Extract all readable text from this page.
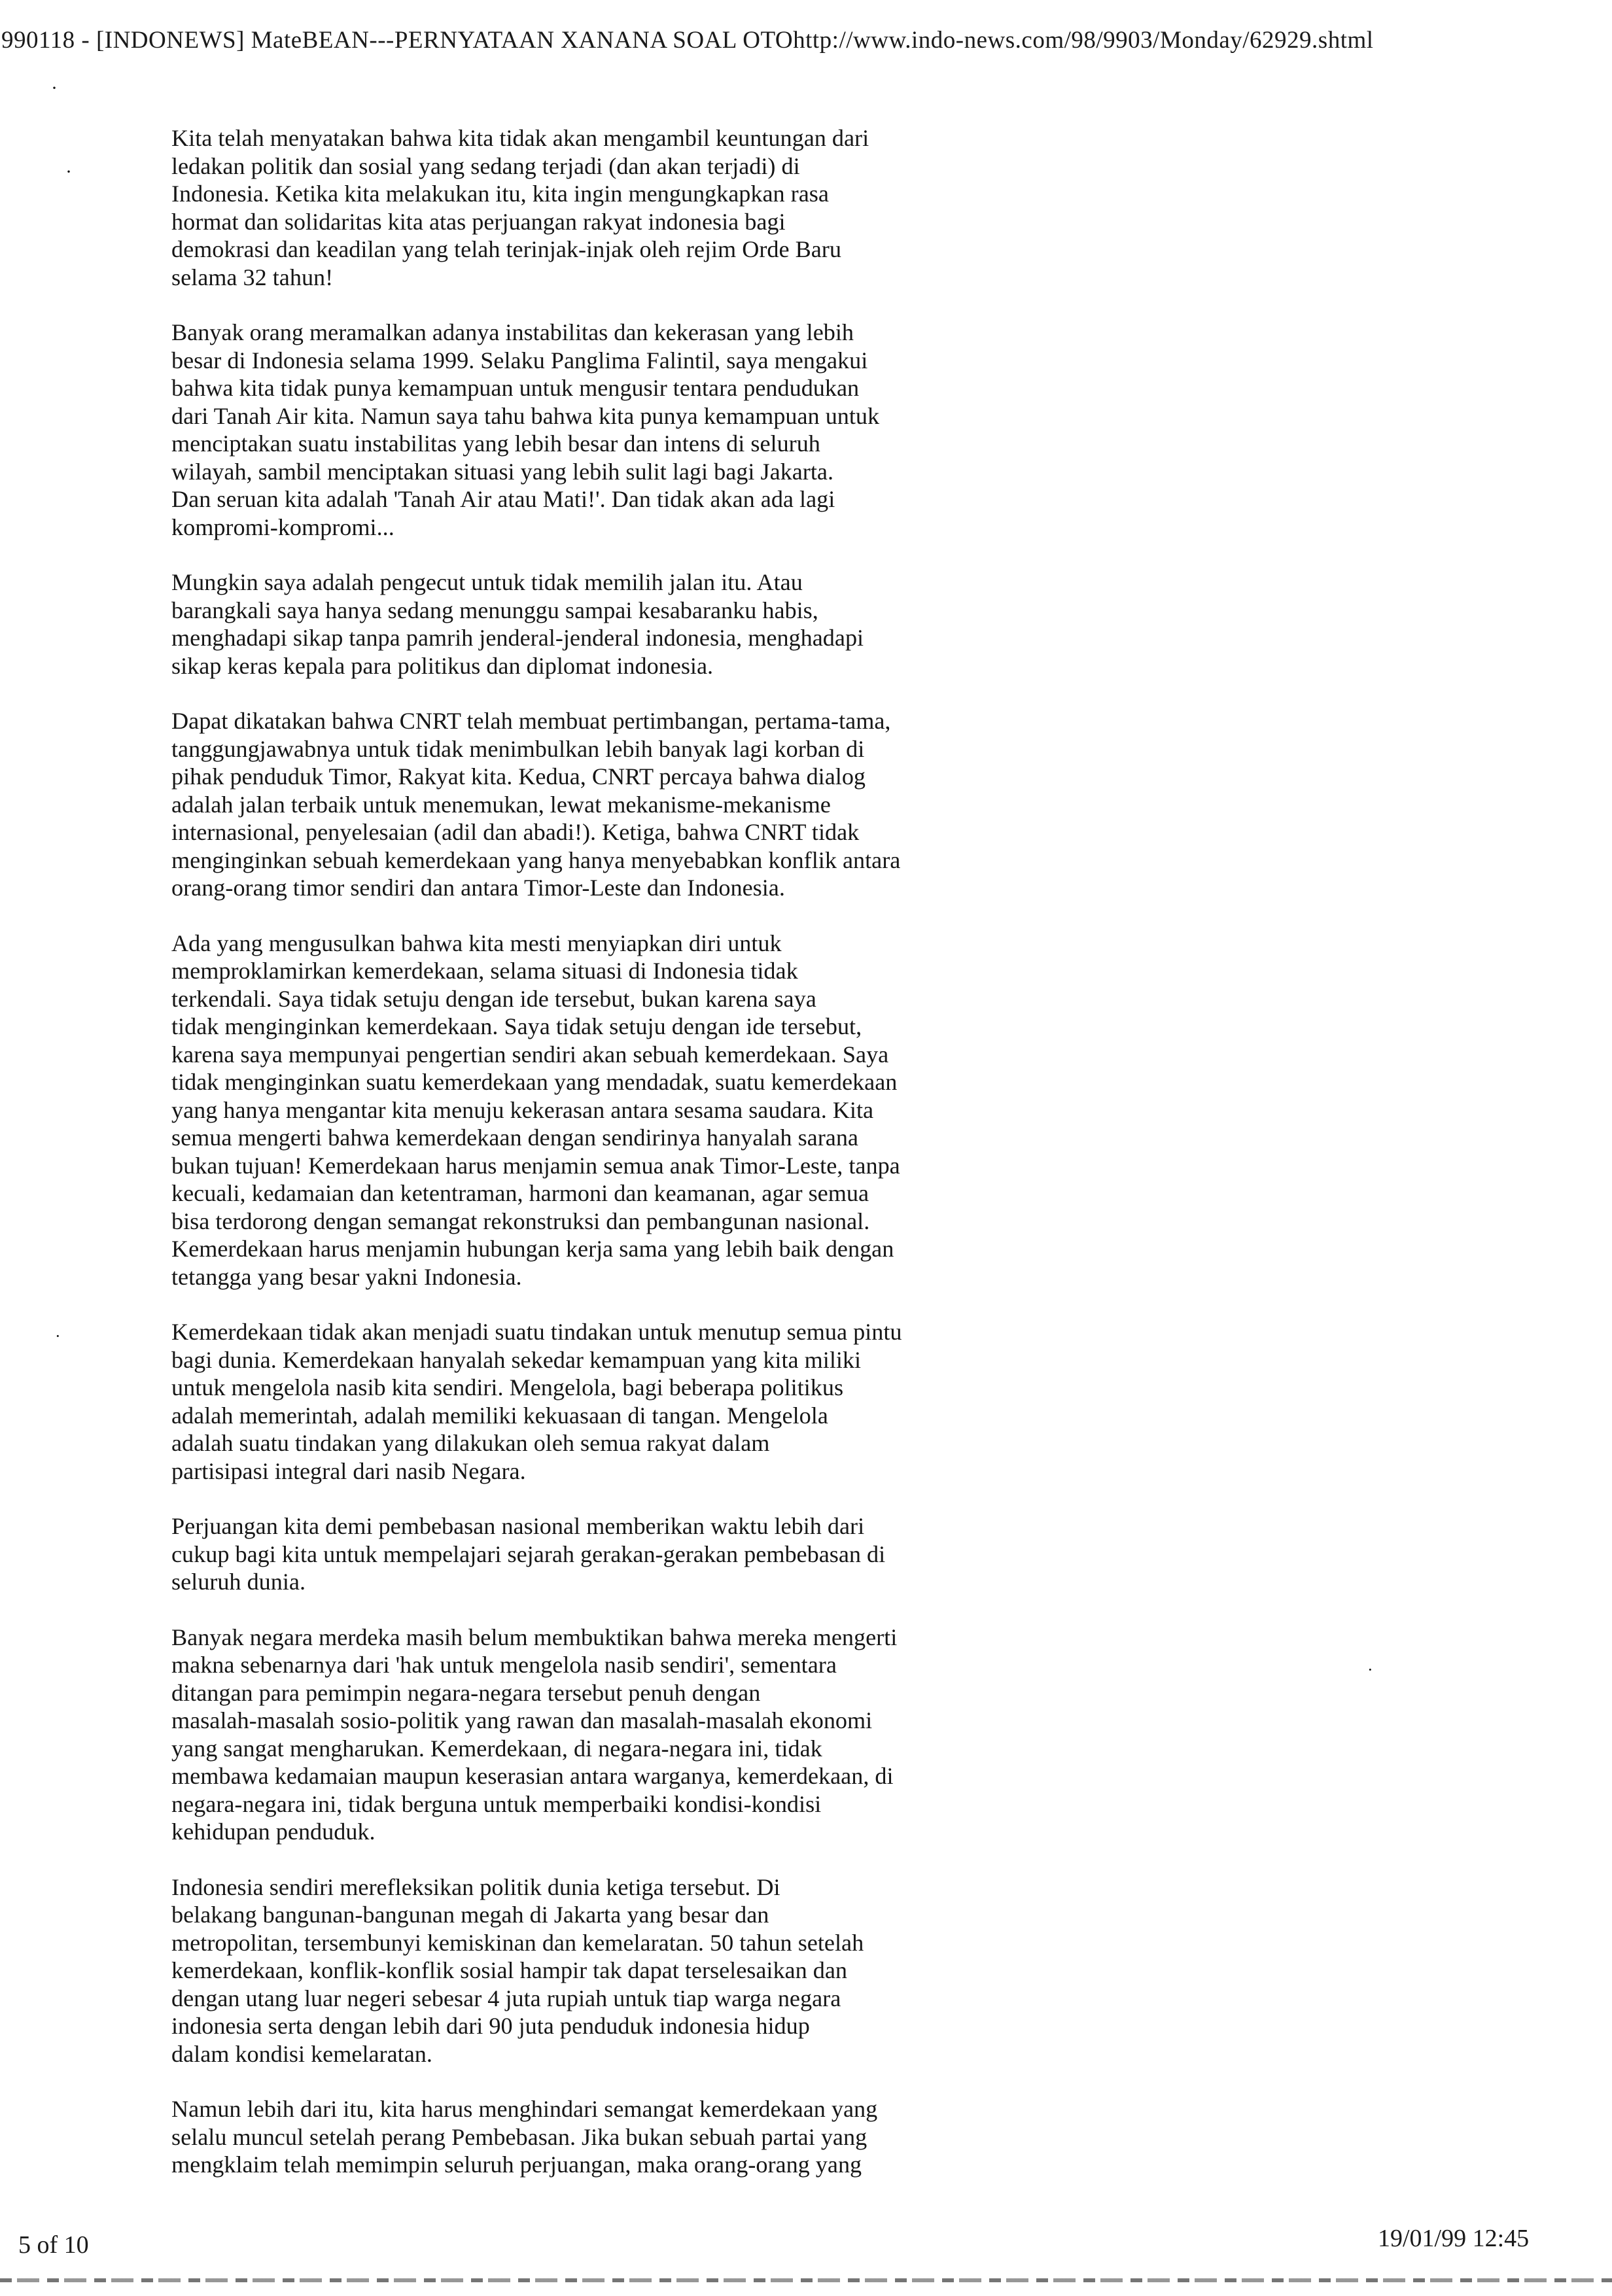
990118 - [INDONEWS] MateBEAN---PERNYATAAN XANANA SOAL OTOhttp://www.indo-news.com/98/9903/Monday/62929.shtml
·
·
·
·

Kita telah menyatakan bahwa kita tidak akan mengambil keuntungan dari
ledakan politik dan sosial yang sedang terjadi (dan akan terjadi) di
Indonesia. Ketika kita melakukan itu, kita ingin mengungkapkan rasa
hormat dan solidaritas kita atas perjuangan rakyat indonesia bagi
demokrasi dan keadilan yang telah terinjak-injak oleh rejim Orde Baru
selama 32 tahun!

Banyak orang meramalkan adanya instabilitas dan kekerasan yang lebih
besar di Indonesia selama 1999. Selaku Panglima Falintil, saya mengakui
bahwa kita tidak punya kemampuan untuk mengusir tentara pendudukan
dari Tanah Air kita. Namun saya tahu bahwa kita punya kemampuan untuk
menciptakan suatu instabilitas yang lebih besar dan intens di seluruh
wilayah, sambil menciptakan situasi yang lebih sulit lagi bagi Jakarta.
Dan seruan kita adalah 'Tanah Air atau Mati!'. Dan tidak akan ada lagi
kompromi-kompromi...

Mungkin saya adalah pengecut untuk tidak memilih jalan itu. Atau
barangkali saya hanya sedang menunggu sampai kesabaranku habis,
menghadapi sikap tanpa pamrih jenderal-jenderal indonesia, menghadapi
sikap keras kepala para politikus dan diplomat indonesia.

Dapat dikatakan bahwa CNRT telah membuat pertimbangan, pertama-tama,
tanggungjawabnya untuk tidak menimbulkan lebih banyak lagi korban di
pihak penduduk Timor, Rakyat kita. Kedua, CNRT percaya bahwa dialog
adalah jalan terbaik untuk menemukan, lewat mekanisme-mekanisme
internasional, penyelesaian (adil dan abadi!). Ketiga, bahwa CNRT tidak
menginginkan sebuah kemerdekaan yang hanya menyebabkan konflik antara
orang-orang timor sendiri dan antara Timor-Leste dan Indonesia.

Ada yang mengusulkan bahwa kita mesti menyiapkan diri untuk
memproklamirkan kemerdekaan, selama situasi di Indonesia tidak
terkendali. Saya tidak setuju dengan ide tersebut, bukan karena saya
tidak menginginkan kemerdekaan. Saya tidak setuju dengan ide tersebut,
karena saya mempunyai pengertian sendiri akan sebuah kemerdekaan. Saya
tidak menginginkan suatu kemerdekaan yang mendadak, suatu kemerdekaan
yang hanya mengantar kita menuju kekerasan antara sesama saudara. Kita
semua mengerti bahwa kemerdekaan dengan sendirinya hanyalah sarana
bukan tujuan! Kemerdekaan harus menjamin semua anak Timor-Leste, tanpa
kecuali, kedamaian dan ketentraman, harmoni dan keamanan, agar semua
bisa terdorong dengan semangat rekonstruksi dan pembangunan nasional.
Kemerdekaan harus menjamin hubungan kerja sama yang lebih baik dengan
tetangga yang besar yakni Indonesia.

Kemerdekaan tidak akan menjadi suatu tindakan untuk menutup semua pintu
bagi dunia. Kemerdekaan hanyalah sekedar kemampuan yang kita miliki
untuk mengelola nasib kita sendiri. Mengelola, bagi beberapa politikus
adalah memerintah, adalah memiliki kekuasaan di tangan. Mengelola
adalah suatu tindakan yang dilakukan oleh semua rakyat dalam
partisipasi integral dari nasib Negara.

Perjuangan kita demi pembebasan nasional memberikan waktu lebih dari
cukup bagi kita untuk mempelajari sejarah gerakan-gerakan pembebasan di
seluruh dunia.

Banyak negara merdeka masih belum membuktikan bahwa mereka mengerti
makna sebenarnya dari 'hak untuk mengelola nasib sendiri', sementara
ditangan para pemimpin negara-negara tersebut penuh dengan
masalah-masalah sosio-politik yang rawan dan masalah-masalah ekonomi
yang sangat mengharukan. Kemerdekaan, di negara-negara ini, tidak
membawa kedamaian maupun keserasian antara warganya, kemerdekaan, di
negara-negara ini, tidak berguna untuk memperbaiki kondisi-kondisi
kehidupan penduduk.

Indonesia sendiri merefleksikan politik dunia ketiga tersebut. Di
belakang bangunan-bangunan megah di Jakarta yang besar dan
metropolitan, tersembunyi kemiskinan dan kemelaratan. 50 tahun setelah
kemerdekaan, konflik-konflik sosial hampir tak dapat terselesaikan dan
dengan utang luar negeri sebesar 4 juta rupiah untuk tiap warga negara
indonesia serta dengan lebih dari 90 juta penduduk indonesia hidup
dalam kondisi kemelaratan.

Namun lebih dari itu, kita harus menghindari semangat kemerdekaan yang
selalu muncul setelah perang Pembebasan. Jika bukan sebuah partai yang
mengklaim telah memimpin seluruh perjuangan, maka orang-orang yang

5 of 10	19/01/99 12:45
